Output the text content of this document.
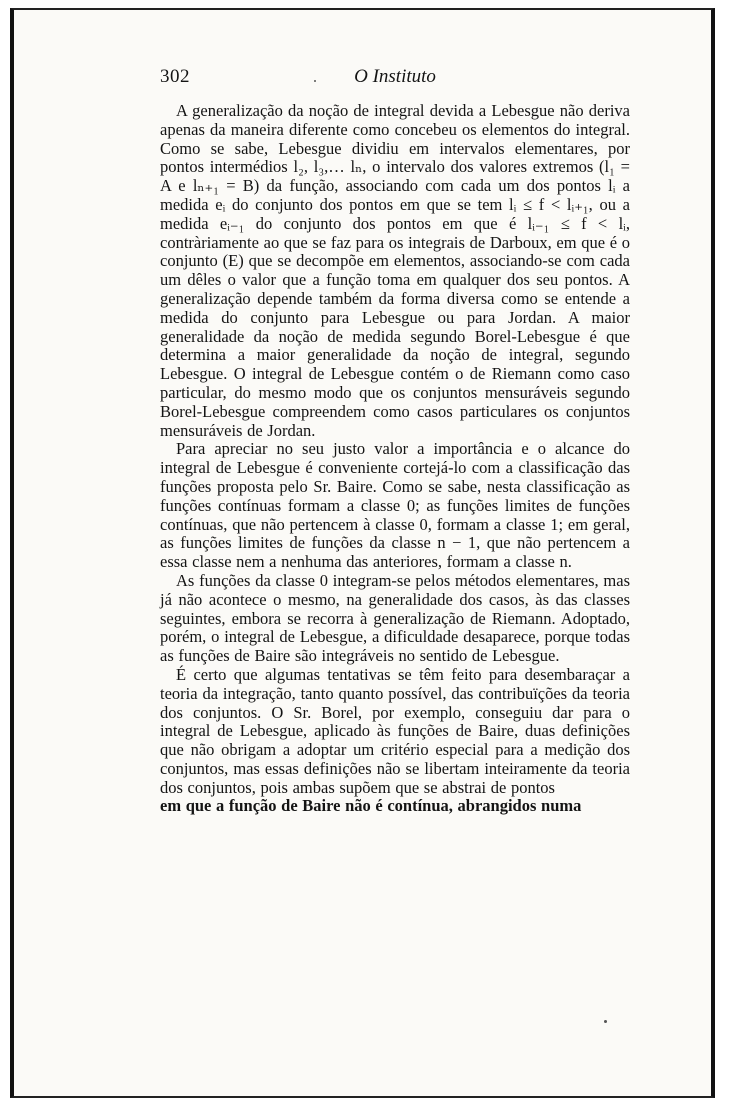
302	O Instituto

A generalização da noção de integral devida a Lebesgue não deriva apenas da maneira diferente como concebeu os elementos do integral. Como se sabe, Lebesgue dividiu em intervalos elementares, por pontos intermédios l₂, l₃,… lₙ, o intervalo dos valores extremos (l₁ = A e lₙ₊₁ = B) da função, associando com cada um dos pontos lᵢ a medida eᵢ do conjunto dos pontos em que se tem lᵢ ≤ f < lᵢ₊₁, ou a medida eᵢ₋₁ do conjunto dos pontos em que é lᵢ₋₁ ≤ f < lᵢ, contràriamente ao que se faz para os integrais de Darboux, em que é o conjunto (E) que se decompõe em elementos, associando-se com cada um dêles o valor que a função toma em qualquer dos seu pontos. A generalização depende também da forma diversa como se entende a medida do conjunto para Lebesgue ou para Jordan. A maior generalidade da noção de medida segundo Borel-Lebesgue é que determina a maior generalidade da noção de integral, segundo Lebesgue. O integral de Lebesgue contém o de Riemann como caso particular, do mesmo modo que os conjuntos mensuráveis segundo Borel-Lebesgue compreendem como casos particulares os conjuntos mensuráveis de Jordan.

Para apreciar no seu justo valor a importância e o alcance do integral de Lebesgue é conveniente cortejá-lo com a classificação das funções proposta pelo Sr. Baire. Como se sabe, nesta classificação as funções contínuas formam a classe 0; as funções limites de funções contínuas, que não pertencem à classe 0, formam a classe 1; em geral, as funções limites de funções da classe n − 1, que não pertencem a essa classe nem a nenhuma das anteriores, formam a classe n.

As funções da classe 0 integram-se pelos métodos elementares, mas já não acontece o mesmo, na generalidade dos casos, às das classes seguintes, embora se recorra à generalização de Riemann. Adoptado, porém, o integral de Lebesgue, a dificuldade desaparece, porque todas as funções de Baire são integráveis no sentido de Lebesgue.

É certo que algumas tentativas se têm feito para desembaraçar a teoria da integração, tanto quanto possível, das contribuïções da teoria dos conjuntos. O Sr. Borel, por exemplo, conseguiu dar para o integral de Lebesgue, aplicado às funções de Baire, duas definições que não obrigam a adoptar um critério especial para a medição dos conjuntos, mas essas definições não se libertam inteiramente da teoria dos conjuntos, pois ambas supõem que se abstrai de pontos

em que a função de Baire não é contínua, abrangidos numa
